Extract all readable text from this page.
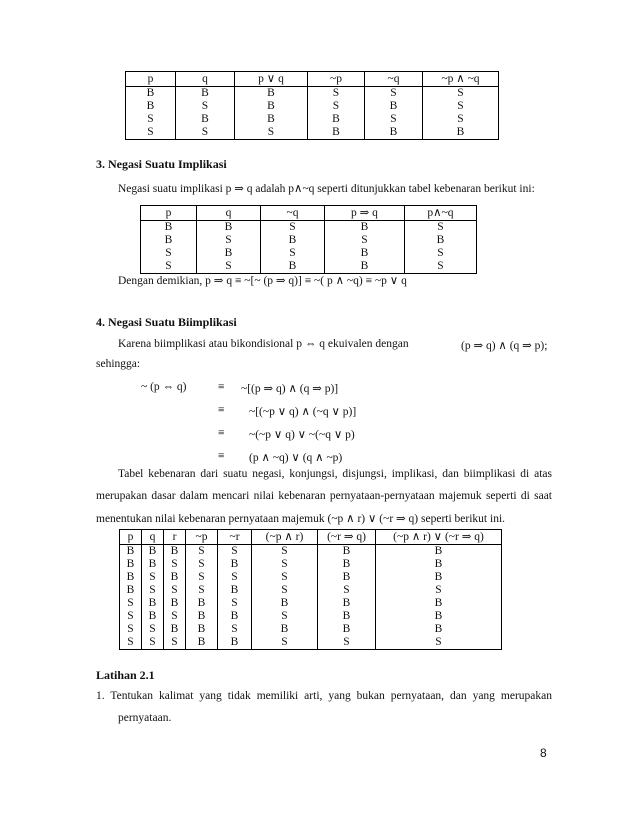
p	q	p ∨ q	~p	~q	~p ∧ ~q
B	B	B	S	S	S
B	S	B	S	B	S
S	B	B	B	S	S
S	S	S	B	B	B
3. Negasi Suatu Implikasi
Negasi suatu implikasi p ⇒ q adalah p∧~q seperti ditunjukkan tabel kebenaran berikut ini:
p	q	~q	p ⇒ q	p∧~q
B	B	S	B	S
B	S	B	S	B
S	B	S	B	S
S	S	B	B	S
Dengan demikian, p ⇒ q ≡ ~[~ (p ⇒ q)] ≡ ~( p ∧ ~q) ≡ ~p ∨ q
4. Negasi Suatu Biimplikasi
Karena biimplikasi atau bikondisional p ⇔ q ekuivalen dengan	(p ⇒ q) ∧ (q ⇒ p);
sehingga:
~ (p ⇔ q)	≡ ~[(p ⇒ q) ∧ (q ⇒ p)]
≡ ~[(~p ∨ q) ∧ (~q ∨ p)]
≡ ~(~p ∨ q) ∨ ~(~q ∨ p)
≡ (p ∧ ~q) ∨ (q ∧ ~p)
Tabel kebenaran dari suatu negasi, konjungsi, disjungsi, implikasi, dan biimplikasi di atas
merupakan dasar dalam mencari nilai kebenaran pernyataan-pernyataan majemuk seperti di saat
menentukan nilai kebenaran pernyataan majemuk (~p ∧ r) ∨ (~r ⇒ q) seperti berikut ini.
p	q	r	~p	~r	(~p ∧ r)	(~r ⇒ q)	(~p ∧ r) ∨ (~r ⇒ q)
B	B	B	S	S	S	B	B
B	B	S	S	B	S	B	B
B	S	B	S	S	S	B	B
B	S	S	S	B	S	S	S
S	B	B	B	S	B	B	B
S	B	S	B	B	S	B	B
S	S	B	B	S	B	B	B
S	S	S	B	B	S	S	S
Latihan 2.1
1. Tentukan kalimat yang tidak memiliki arti, yang bukan pernyataan, dan yang merupakan
pernyataan.
8
